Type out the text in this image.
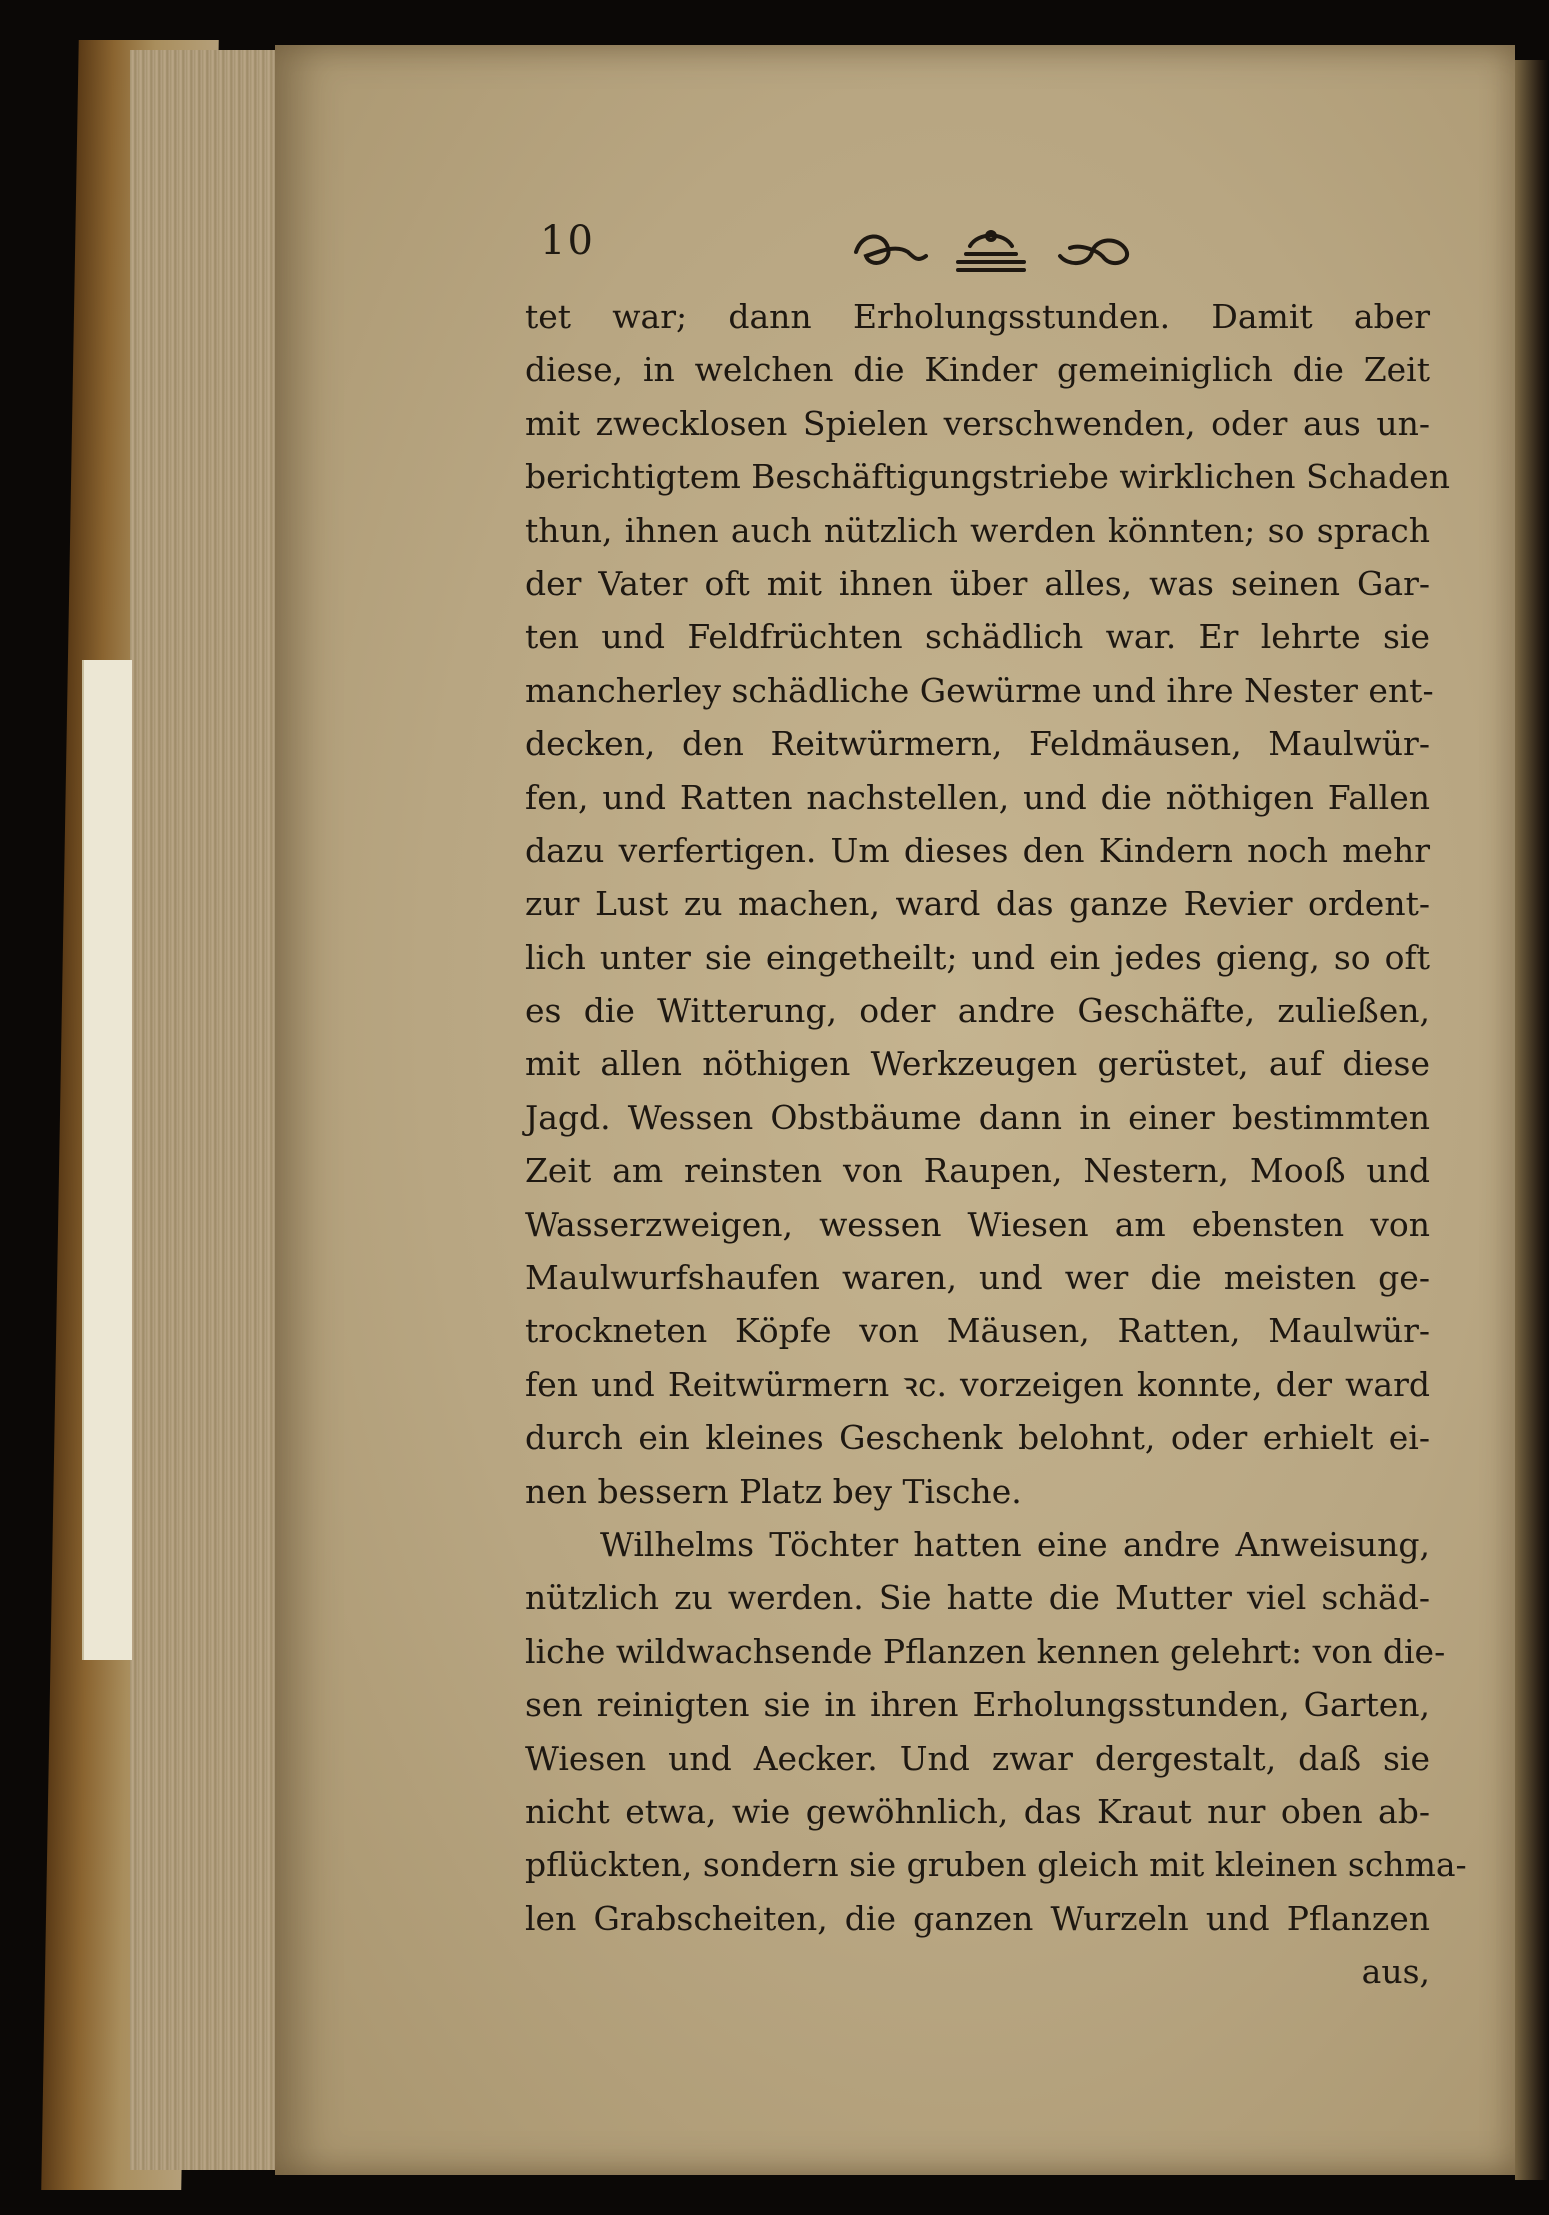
10
tet war; dann Erholungsstunden. Damit aber
diese, in welchen die Kinder gemeiniglich die Zeit
mit zwecklosen Spielen verschwenden, oder aus un-
berichtigtem Beschäftigungstriebe wirklichen Schaden
thun, ihnen auch nützlich werden könnten; so sprach
der Vater oft mit ihnen über alles, was seinen Gar-
ten und Feldfrüchten schädlich war. Er lehrte sie
mancherley schädliche Gewürme und ihre Nester ent-
decken, den Reitwürmern, Feldmäusen, Maulwür-
fen, und Ratten nachstellen, und die nöthigen Fallen
dazu verfertigen. Um dieses den Kindern noch mehr
zur Lust zu machen, ward das ganze Revier ordent-
lich unter sie eingetheilt; und ein jedes gieng, so oft
es die Witterung, oder andre Geschäfte, zuließen,
mit allen nöthigen Werkzeugen gerüstet, auf diese
Jagd. Wessen Obstbäume dann in einer bestimmten
Zeit am reinsten von Raupen, Nestern, Mooß und
Wasserzweigen, wessen Wiesen am ebensten von
Maulwurfshaufen waren, und wer die meisten ge-
trockneten Köpfe von Mäusen, Ratten, Maulwür-
fen und Reitwürmern ꝛc. vorzeigen konnte, der ward
durch ein kleines Geschenk belohnt, oder erhielt ei-
nen bessern Platz bey Tische.
Wilhelms Töchter hatten eine andre Anweisung,
nützlich zu werden. Sie hatte die Mutter viel schäd-
liche wildwachsende Pflanzen kennen gelehrt: von die-
sen reinigten sie in ihren Erholungsstunden, Garten,
Wiesen und Aecker. Und zwar dergestalt, daß sie
nicht etwa, wie gewöhnlich, das Kraut nur oben ab-
pflückten, sondern sie gruben gleich mit kleinen schma-
len Grabscheiten, die ganzen Wurzeln und Pflanzen
aus,
